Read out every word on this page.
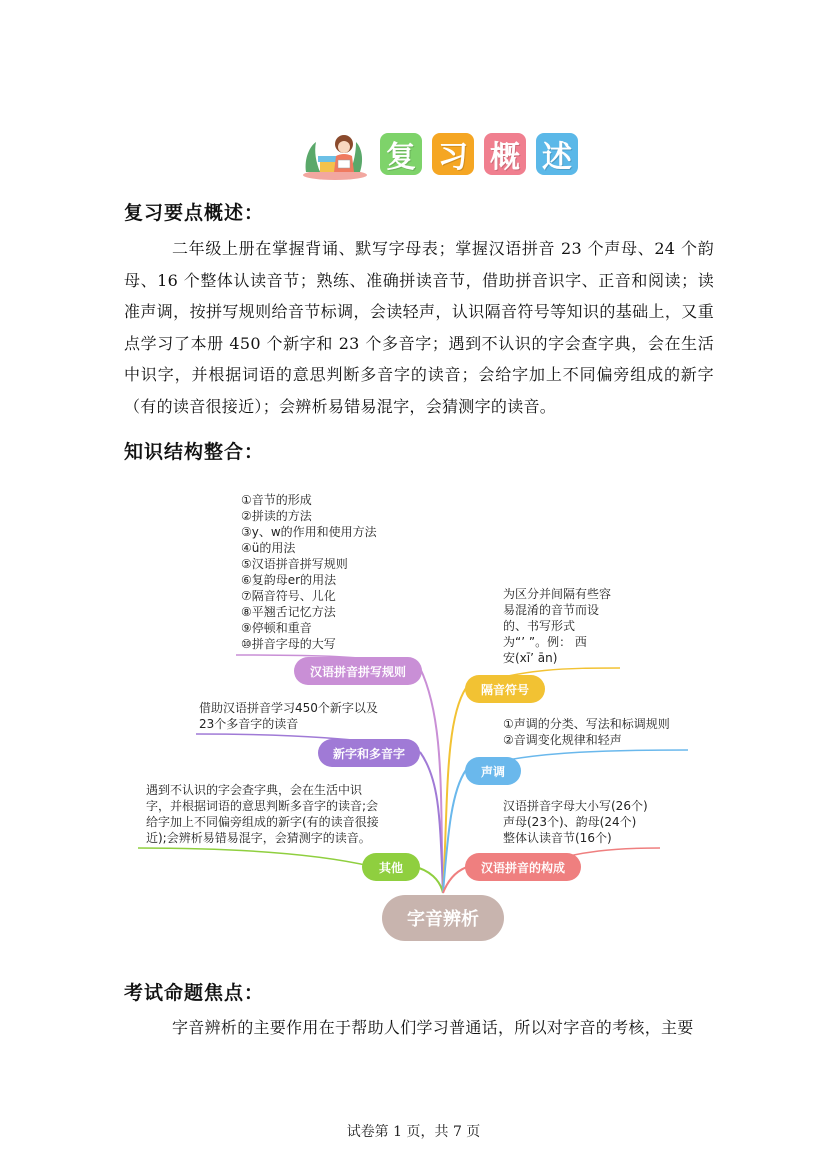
复 习 概 述
复习要点概述：
二年级上册在掌握背诵、默写字母表；掌握汉语拼音 23 个声母、24 个韵母、16 个整体认读音节；熟练、准确拼读音节，借助拼音识字、正音和阅读；读准声调，按拼写规则给音节标调，会读轻声，认识隔音符号等知识的基础上，又重点学习了本册 450 个新字和 23 个多音字；遇到不认识的字会查字典，会在生活中识字，并根据词语的意思判断多音字的读音；会给字加上不同偏旁组成的新字（有的读音很接近）；会辨析易错易混字，会猜测字的读音。
知识结构整合：
①音节的形成
②拼读的方法
③y、w的作用和使用方法
④ü的用法
⑤汉语拼音拼写规则
⑥复韵母er的用法
⑦隔音符号、儿化
⑧平翘舌记忆方法
⑨停顿和重音
⑩拼音字母的大写
借助汉语拼音学习450个新字以及
23个多音字的读音
遇到不认识的字会查字典，会在生活中识
字，并根据词语的意思判断多音字的读音;会
给字加上不同偏旁组成的新字(有的读音很接
近);会辨析易错易混字，会猜测字的读音。
为区分并间隔有些容
易混淆的音节而设
的、书写形式
为“’ ”。例： 西
安(xī’ ān)
①声调的分类、写法和标调规则
②音调变化规律和轻声
汉语拼音字母大小写(26个)
声母(23个)、韵母(24个)
整体认读音节(16个)
汉语拼音拼写规则
新字和多音字
其他
隔音符号
声调
汉语拼音的构成
字音辨析
考试命题焦点：
字音辨析的主要作用在于帮助人们学习普通话，所以对字音的考核，主要
试卷第 1 页，共 7 页
